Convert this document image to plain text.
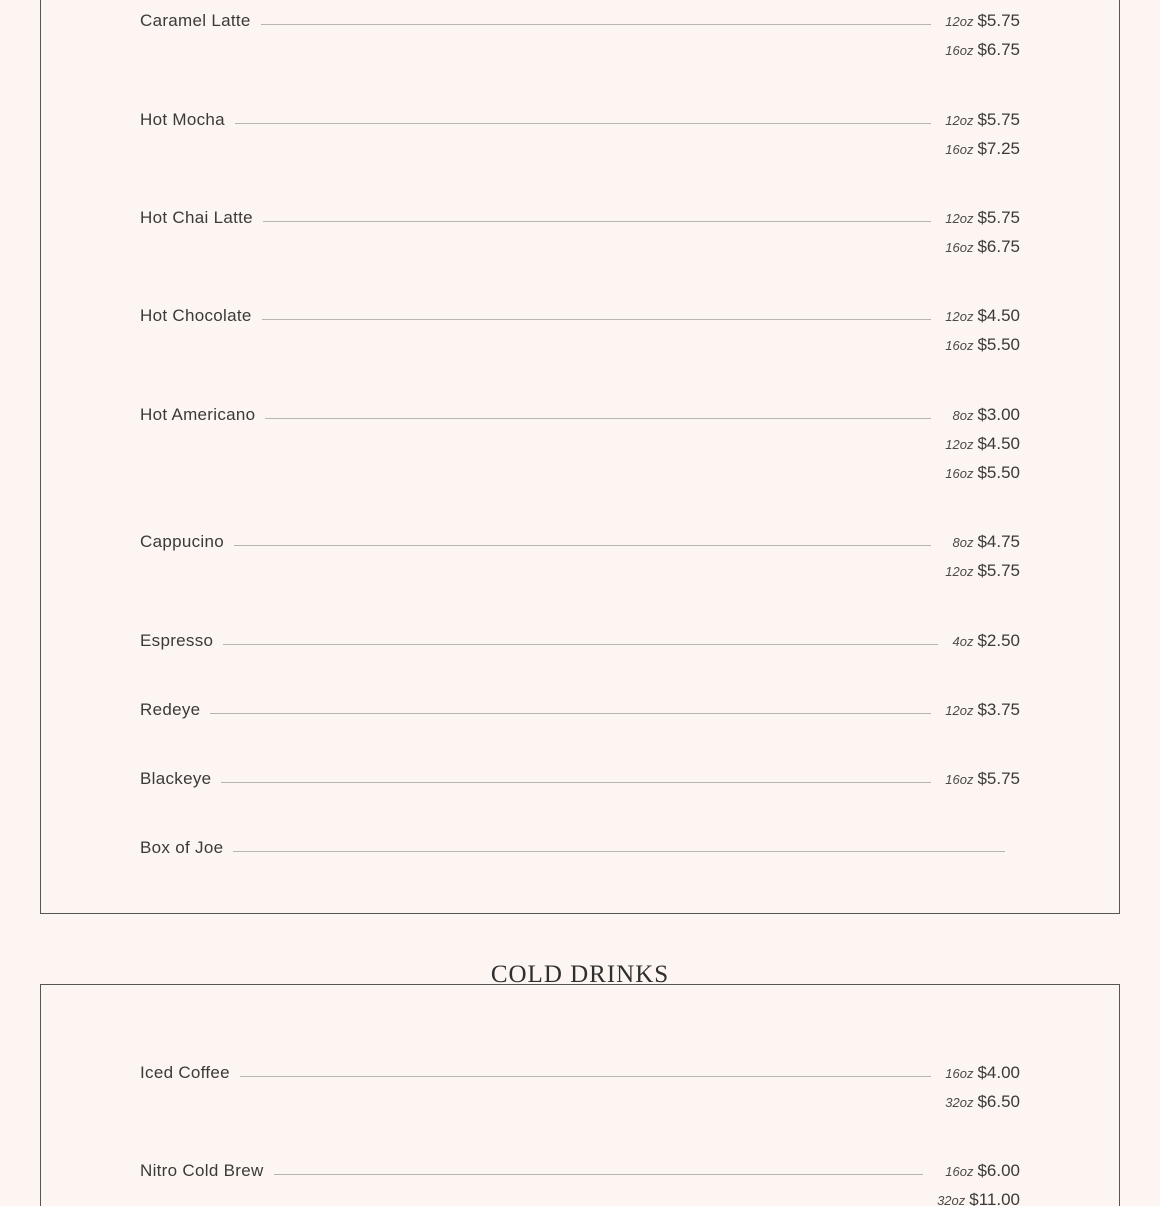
COLD DRINKS
Caramel Latte	12oz $5.75
16oz $6.75
Hot Mocha	12oz $5.75
16oz $7.25
Hot Chai Latte	12oz $5.75
16oz $6.75
Hot Chocolate	12oz $4.50
16oz $5.50
Hot Americano	8oz $3.00
12oz $4.50
16oz $5.50
Cappucino	8oz $4.75
12oz $5.75
Espresso	4oz $2.50
Redeye	12oz $3.75
Blackeye	16oz $5.75
Box of Joe
Iced Coffee	16oz $4.00
32oz $6.50
Nitro Cold Brew	16oz $6.00
32oz $11.00
